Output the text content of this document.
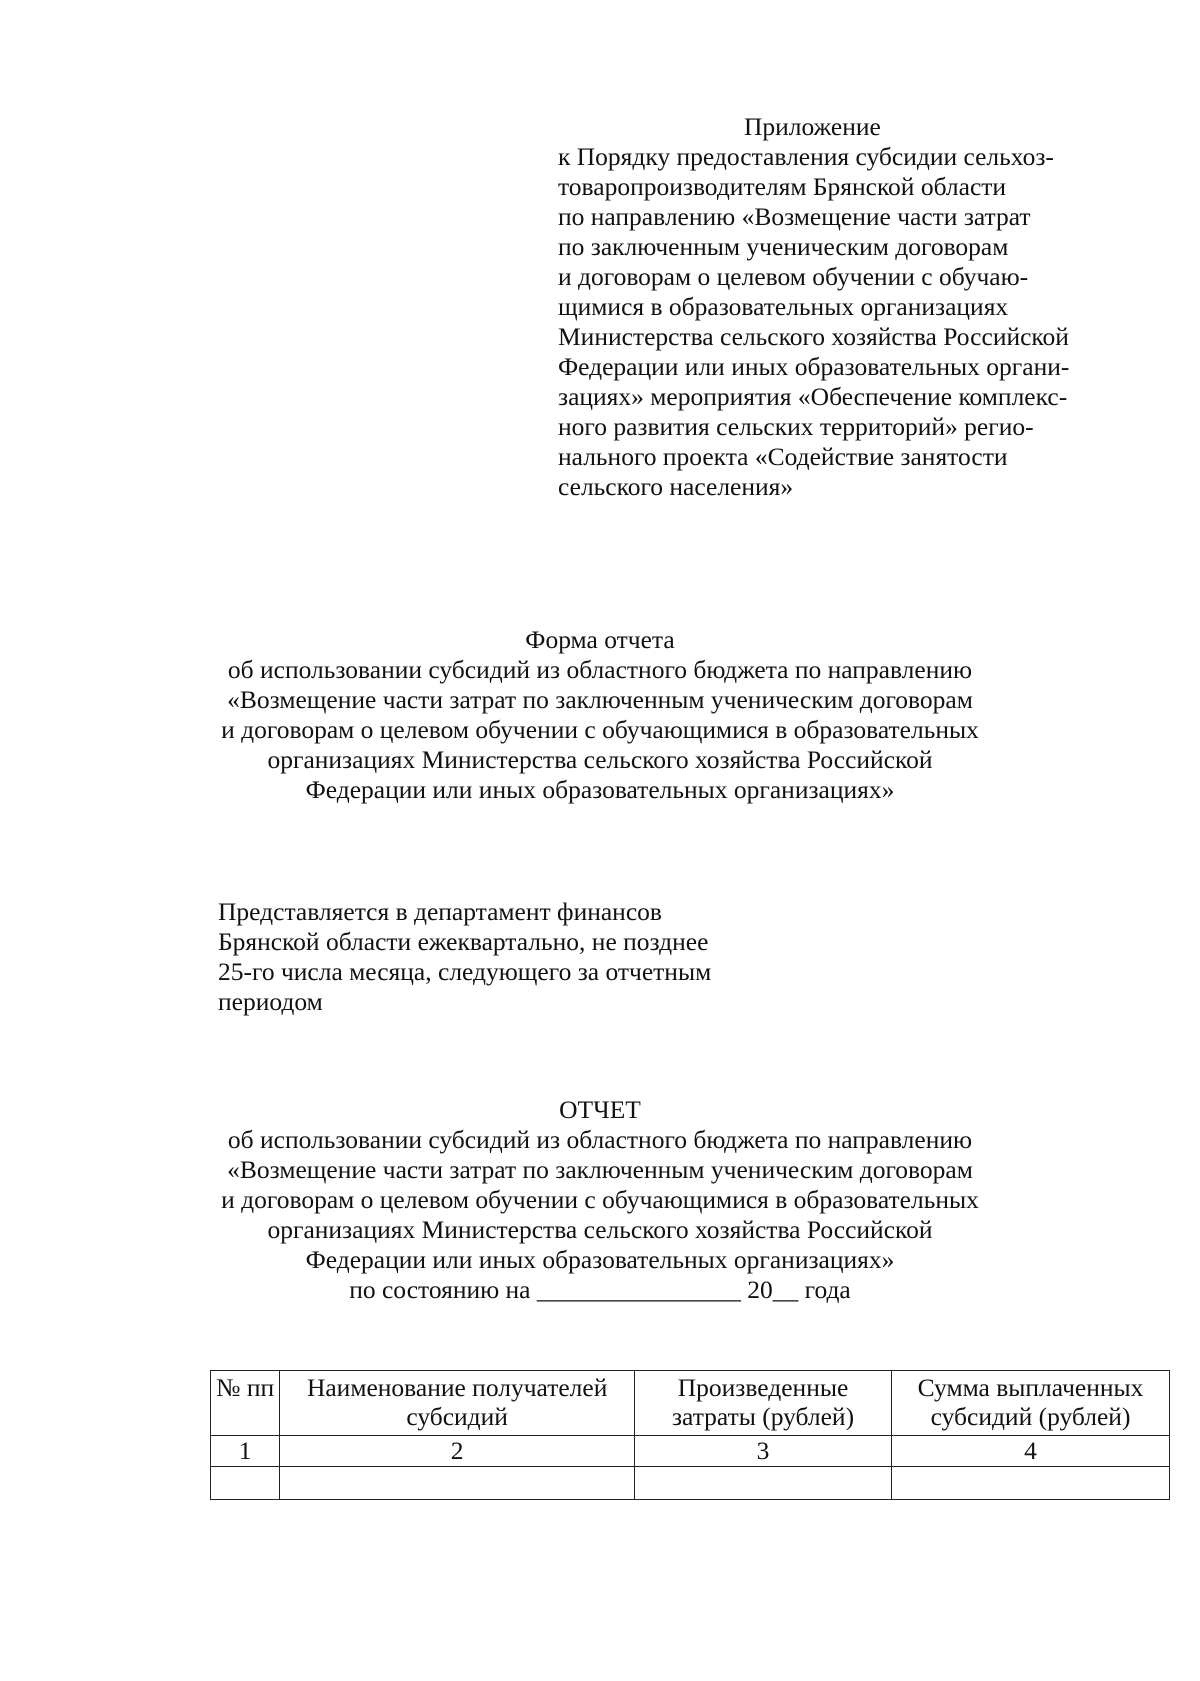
Приложение
к Порядку предоставления субсидии сельхоз-
товаропроизводителям Брянской области
по направлению «Возмещение части затрат
по заключенным ученическим договорам
и договорам о целевом обучении с обучаю-
щимися в образовательных организациях
Министерства сельского хозяйства Российской
Федерации или иных образовательных органи-
зациях» мероприятия «Обеспечение комплекс-
ного развития сельских территорий» регио-
нального проекта «Содействие занятости
сельского населения»
Форма отчета
об использовании субсидий из областного бюджета по направлению
«Возмещение части затрат по заключенным ученическим договорам
и договорам о целевом обучении с обучающимися в образовательных
организациях Министерства сельского хозяйства Российской
Федерации или иных образовательных организациях»
Представляется в департамент финансов
Брянской области ежеквартально, не позднее
25-го числа месяца, следующего за отчетным
периодом
ОТЧЕТ
об использовании субсидий из областного бюджета по направлению
«Возмещение части затрат по заключенным ученическим договорам
и договорам о целевом обучении с обучающимися в образовательных
организациях Министерства сельского хозяйства Российской
Федерации или иных образовательных организациях»
по состоянию на ________________ 20__ года
№ пп	Наименование получателей субсидий	Произведенные затраты (рублей)	Сумма выплаченных субсидий (рублей)
1	2	3	4
